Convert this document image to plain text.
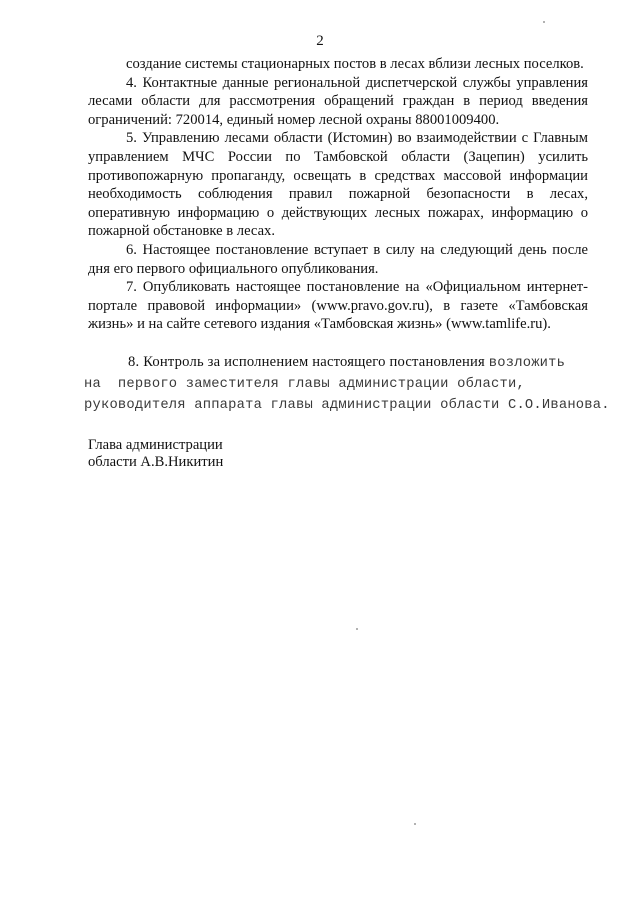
2

создание системы стационарных постов в лесах вблизи лесных поселков.

4. Контактные данные региональной диспетчерской службы управления лесами области для рассмотрения обращений граждан в период введения ограничений: 720014, единый номер лесной охраны 88001009400.

5. Управлению лесами области (Истомин) во взаимодействии с Главным управлением МЧС России по Тамбовской области (Зацепин) усилить противопожарную пропаганду, освещать в средствах массовой информации необходимость соблюдения правил пожарной безопасности в лесах, оперативную информацию о действующих лесных пожарах, информацию о пожарной обстановке в лесах.

6. Настоящее постановление вступает в силу на следующий день после дня его первого официального опубликования.

7. Опубликовать настоящее постановление на «Официальном интернет-портале правовой информации» (www.pravo.gov.ru), в газете «Тамбовская жизнь» и на сайте сетевого издания «Тамбовская жизнь» (www.tamlife.ru).

8. Контроль за исполнением настоящего постановления возложить
на  первого заместителя главы администрации области,
руководителя аппарата главы администрации области С.О.Иванова.
Глава администрации
области А.В.Никитин
